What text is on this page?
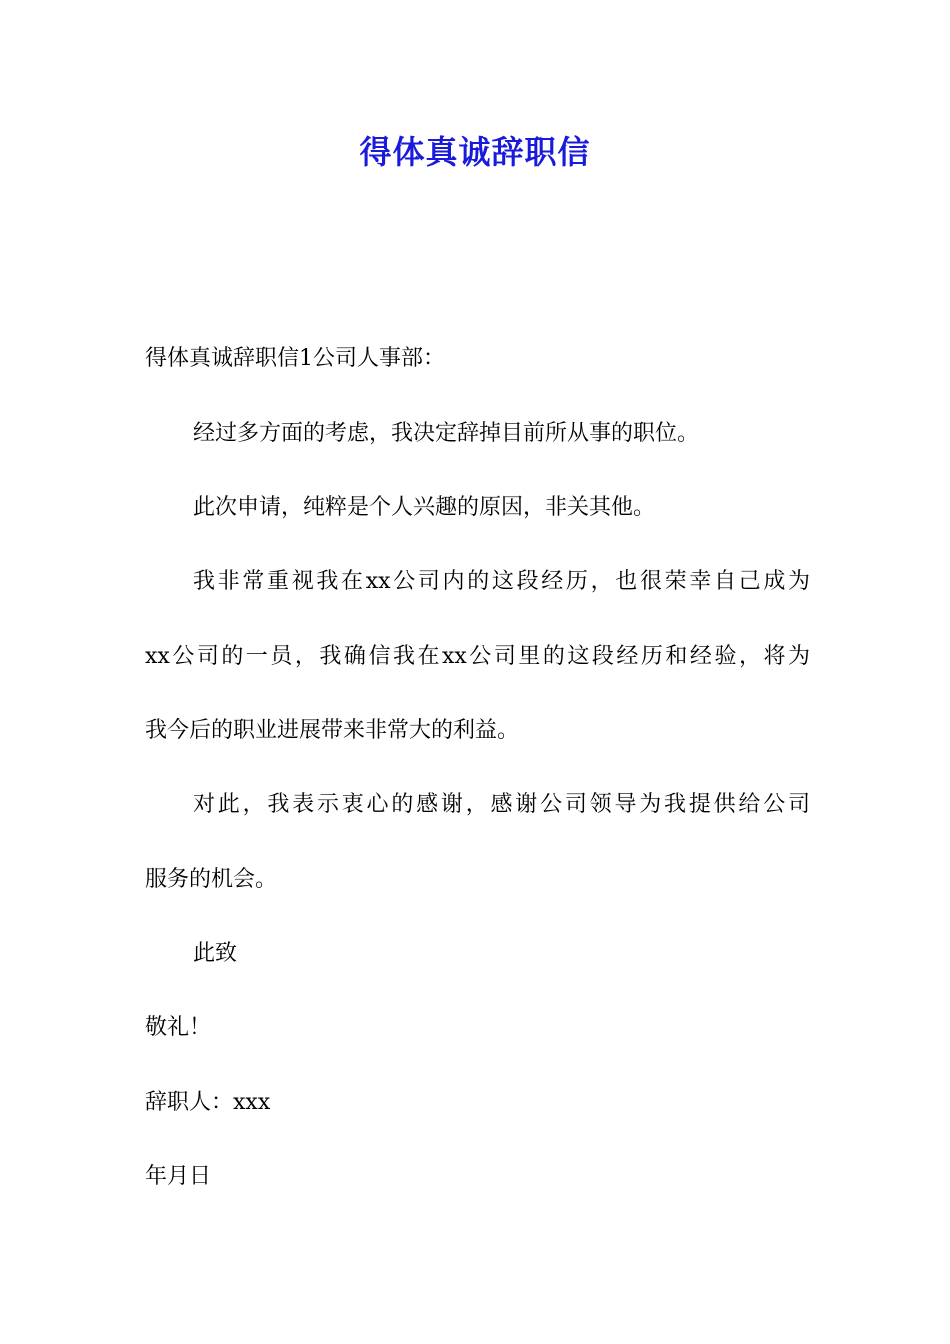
得体真诚辞职信

得体真诚辞职信1公司人事部：

经过多方面的考虑，我决定辞掉目前所从事的职位。

此次申请，纯粹是个人兴趣的原因，非关其他。

我非常重视我在xx公司内的这段经历，也很荣幸自己成为

xx公司的一员，我确信我在xx公司里的这段经历和经验，将为

我今后的职业进展带来非常大的利益。

对此，我表示衷心的感谢，感谢公司领导为我提供给公司

服务的机会。

此致

敬礼！

辞职人：xxx

年月日
